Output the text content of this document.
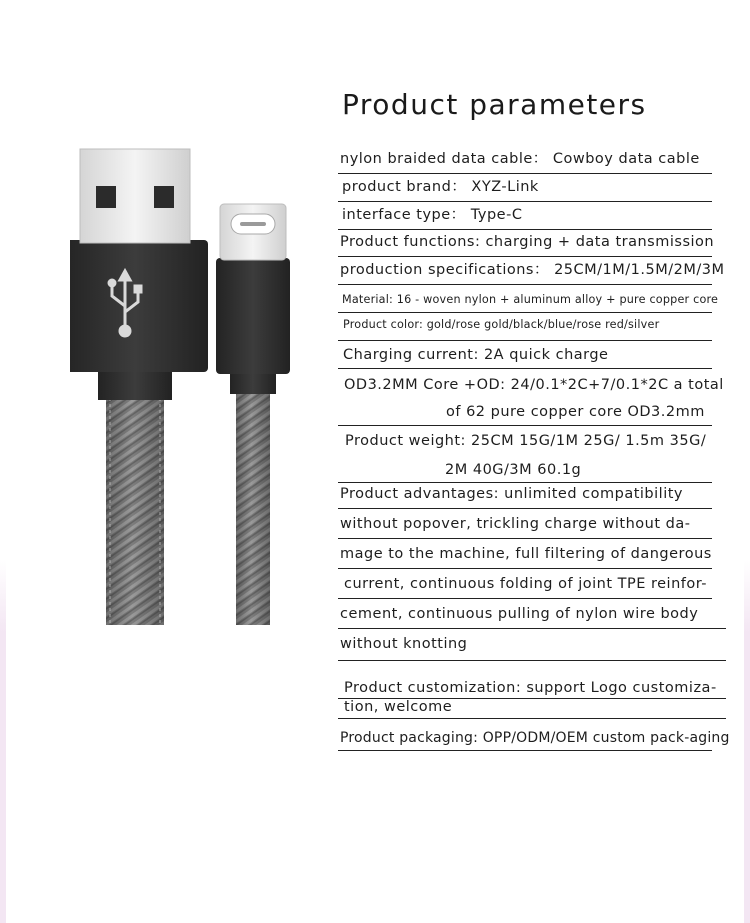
Product parameters
nylon braided data cable： Cowboy data cable
product brand： XYZ-Link
interface type： Type-C
Product functions: charging + data transmission
production specifications： 25CM/1M/1.5M/2M/3M
Material: 16 - woven nylon + aluminum alloy + pure copper core
Product color: gold/rose gold/black/blue/rose red/silver
Charging current: 2A quick charge
OD3.2MM Core +OD: 24/0.1*2C+7/0.1*2C a total
of 62 pure copper core OD3.2mm
Product weight: 25CM 15G/1M 25G/ 1.5m 35G/
2M 40G/3M 60.1g
Product advantages: unlimited compatibility
without popover, trickling charge without da-
mage to the machine, full filtering of dangerous
current, continuous folding of joint TPE reinfor-
cement, continuous pulling of nylon wire body
without knotting
Product customization: support Logo customiza-
tion, welcome
Product packaging: OPP/ODM/OEM custom pack-aging
